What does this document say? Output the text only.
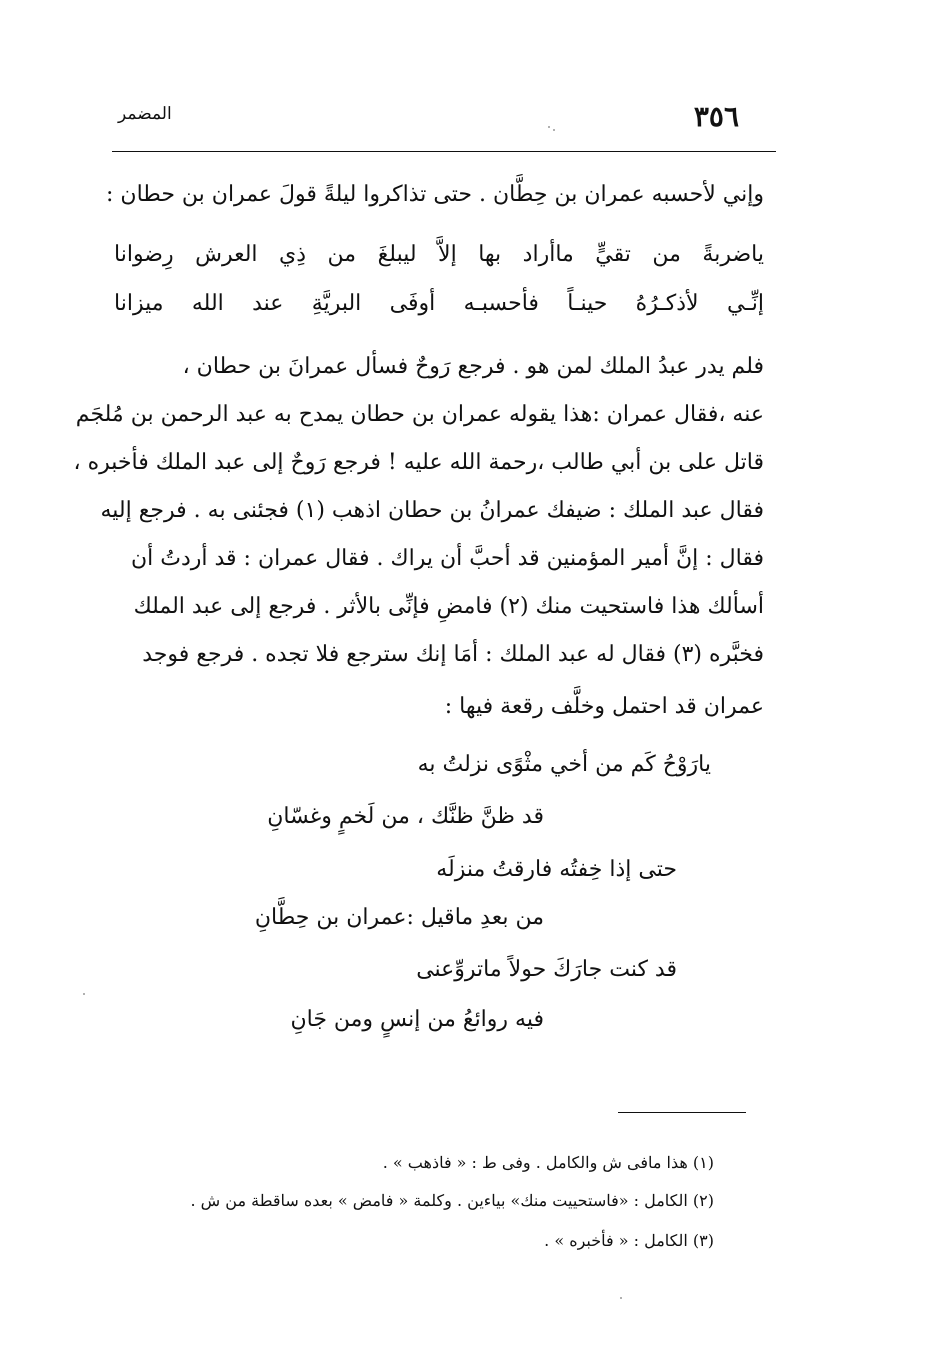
٣٥٦
المضمر
وإني لأحسبه عمران بن حِطَّان . حتى تذاكروا ليلةً قولَ عمران بن حطان :
ياضربةً من تقيٍّ ماأراد بها إلاَّ ليبلغَ من ذِي العرش رِضوانا
إنِّـي لأذكـرُهُ حينـاً فأحسبـه أوفَى البريَّةِ عند الله ميزانا
فلم يدر عبدُ الملك لمن هو . فرجع رَوحٌ فسأل عمرانَ بن حطان ،
عنه ،فقال عمران :هذا يقوله عمران بن حطان يمدح به عبد الرحمن بن مُلجَم
قاتل على بن أبي طالب ،رحمة الله عليه ! فرجع رَوحٌ إلى عبد الملك فأخبره ،
فقال عبد الملك : ضيفك عمرانُ بن حطان اذهب (١) فجئنى به . فرجع إليه
فقال : إنَّ أمير المؤمنين قد أحبَّ أن يراك . فقال عمران : قد أردتُ أن
أسألك هذا فاستحيت منك (٢) فامضِ فإنِّى بالأثر . فرجع إلى عبد الملك
فخبَّره (٣) فقال له عبد الملك : أمَا إنك سترجع فلا تجده . فرجع فوجد
عمران قد احتمل وخلَّف رقعة فيها :
يارَوْحُ كَم من أخي مثْوًى نزلتُ به
قد ظنَّ ظنَّك ، من لَخمٍ وغسّانِ
حتى إذا خِفتُه فارقتُ منزلَه
من بعدِ ماقيل :عمران بن حِطَّانِ
قد كنت جارَكَ حولاً ماتروِّعنى
فيه روائعُ من إنسٍ ومن جَانِ
(١) هذا مافى ش والكامل . وفى ط : « فاذهب » .
(٢) الكامل : «فاستحييت منك» بياءين . وكلمة « فامض » بعده ساقطة من ش .
(٣) الكامل : « فأخبره » .
